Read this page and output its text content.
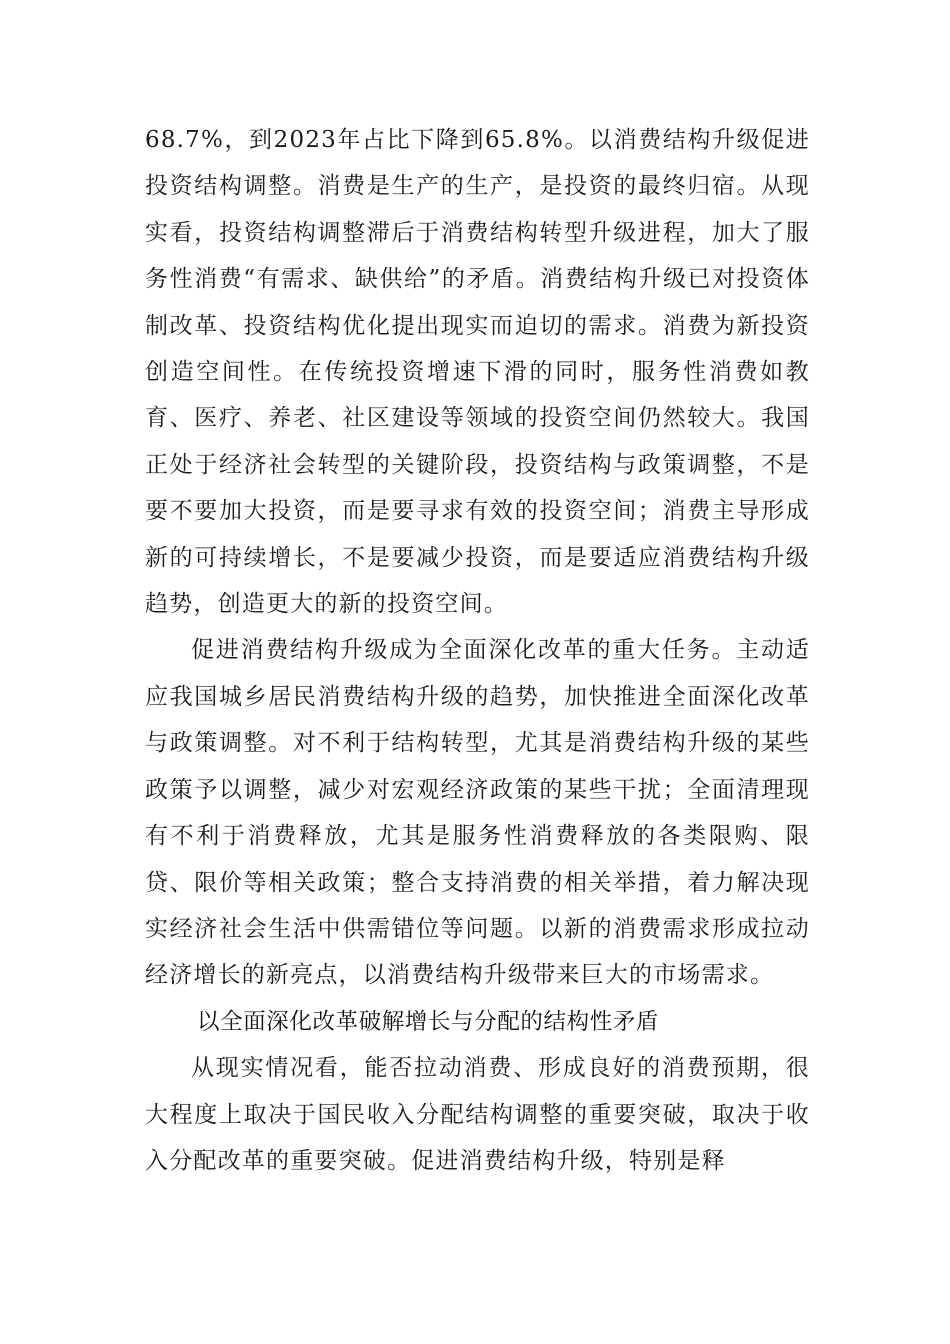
68.7%，到2023年占比下降到65.8%。以消费结构升级促进投资结构调整。消费是生产的生产，是投资的最终归宿。从现实看，投资结构调整滞后于消费结构转型升级进程，加大了服务性消费“有需求、缺供给”的矛盾。消费结构升级已对投资体制改革、投资结构优化提出现实而迫切的需求。消费为新投资创造空间性。在传统投资增速下滑的同时，服务性消费如教育、医疗、养老、社区建设等领域的投资空间仍然较大。我国正处于经济社会转型的关键阶段，投资结构与政策调整，不是要不要加大投资，而是要寻求有效的投资空间；消费主导形成新的可持续增长，不是要减少投资，而是要适应消费结构升级趋势，创造更大的新的投资空间。

促进消费结构升级成为全面深化改革的重大任务。主动适应我国城乡居民消费结构升级的趋势，加快推进全面深化改革与政策调整。对不利于结构转型，尤其是消费结构升级的某些政策予以调整，减少对宏观经济政策的某些干扰；全面清理现有不利于消费释放，尤其是服务性消费释放的各类限购、限贷、限价等相关政策；整合支持消费的相关举措，着力解决现实经济社会生活中供需错位等问题。以新的消费需求形成拉动经济增长的新亮点，以消费结构升级带来巨大的市场需求。

以全面深化改革破解增长与分配的结构性矛盾

从现实情况看，能否拉动消费、形成良好的消费预期，很大程度上取决于国民收入分配结构调整的重要突破，取决于收入分配改革的重要突破。促进消费结构升级，特别是释
